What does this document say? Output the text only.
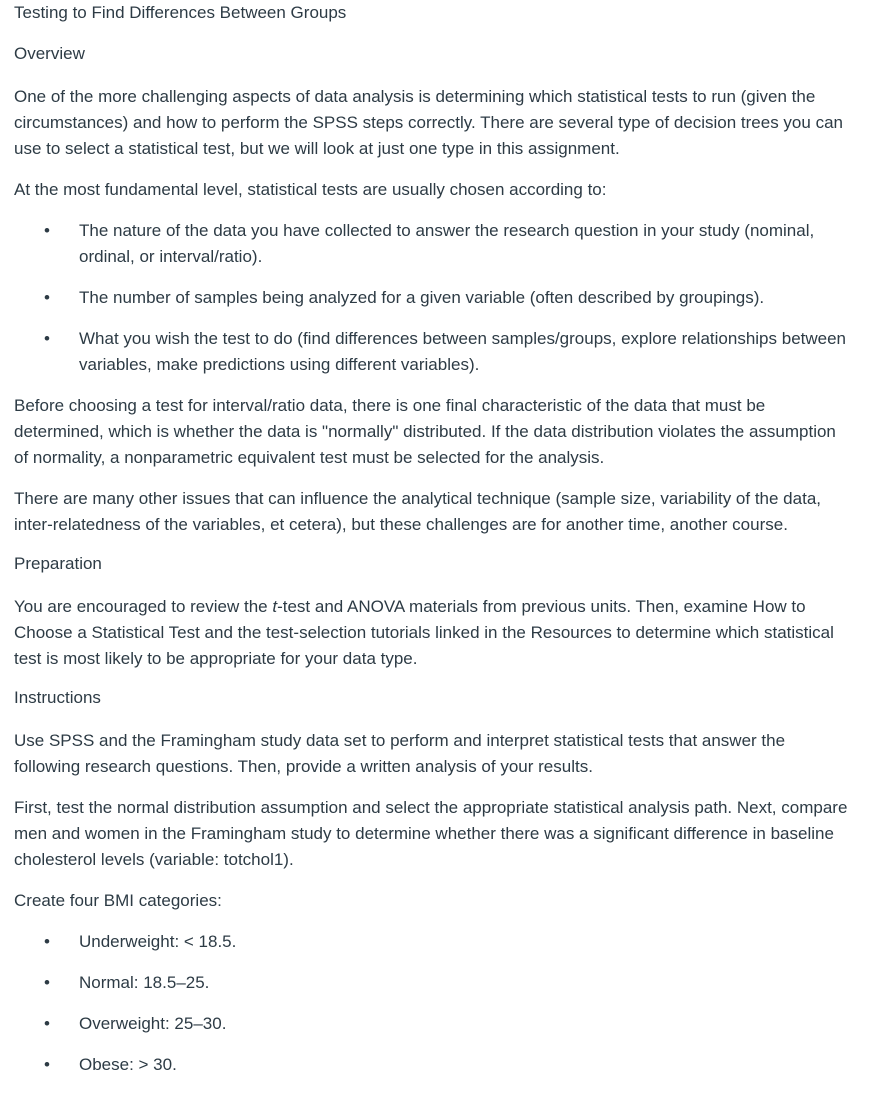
Testing to Find Differences Between Groups
Overview

One of the more challenging aspects of data analysis is determining which statistical tests to run (given the circumstances) and how to perform the SPSS steps correctly. There are several type of decision trees you can use to select a statistical test, but we will look at just one type in this assignment.

At the most fundamental level, statistical tests are usually chosen according to:

• The nature of the data you have collected to answer the research question in your study (nominal, ordinal, or interval/ratio).
• The number of samples being analyzed for a given variable (often described by groupings).
• What you wish the test to do (find differences between samples/groups, explore relationships between variables, make predictions using different variables).

Before choosing a test for interval/ratio data, there is one final characteristic of the data that must be determined, which is whether the data is "normally" distributed. If the data distribution violates the assumption of normality, a nonparametric equivalent test must be selected for the analysis.

There are many other issues that can influence the analytical technique (sample size, variability of the data, inter-relatedness of the variables, et cetera), but these challenges are for another time, another course.

Preparation

You are encouraged to review the t-test and ANOVA materials from previous units. Then, examine How to Choose a Statistical Test and the test-selection tutorials linked in the Resources to determine which statistical test is most likely to be appropriate for your data type.

Instructions

Use SPSS and the Framingham study data set to perform and interpret statistical tests that answer the following research questions. Then, provide a written analysis of your results.

First, test the normal distribution assumption and select the appropriate statistical analysis path. Next, compare men and women in the Framingham study to determine whether there was a significant difference in baseline cholesterol levels (variable: totchol1).

Create four BMI categories:

• Underweight: < 18.5.
• Normal: 18.5–25.
• Overweight: 25–30.
• Obese: > 30.
